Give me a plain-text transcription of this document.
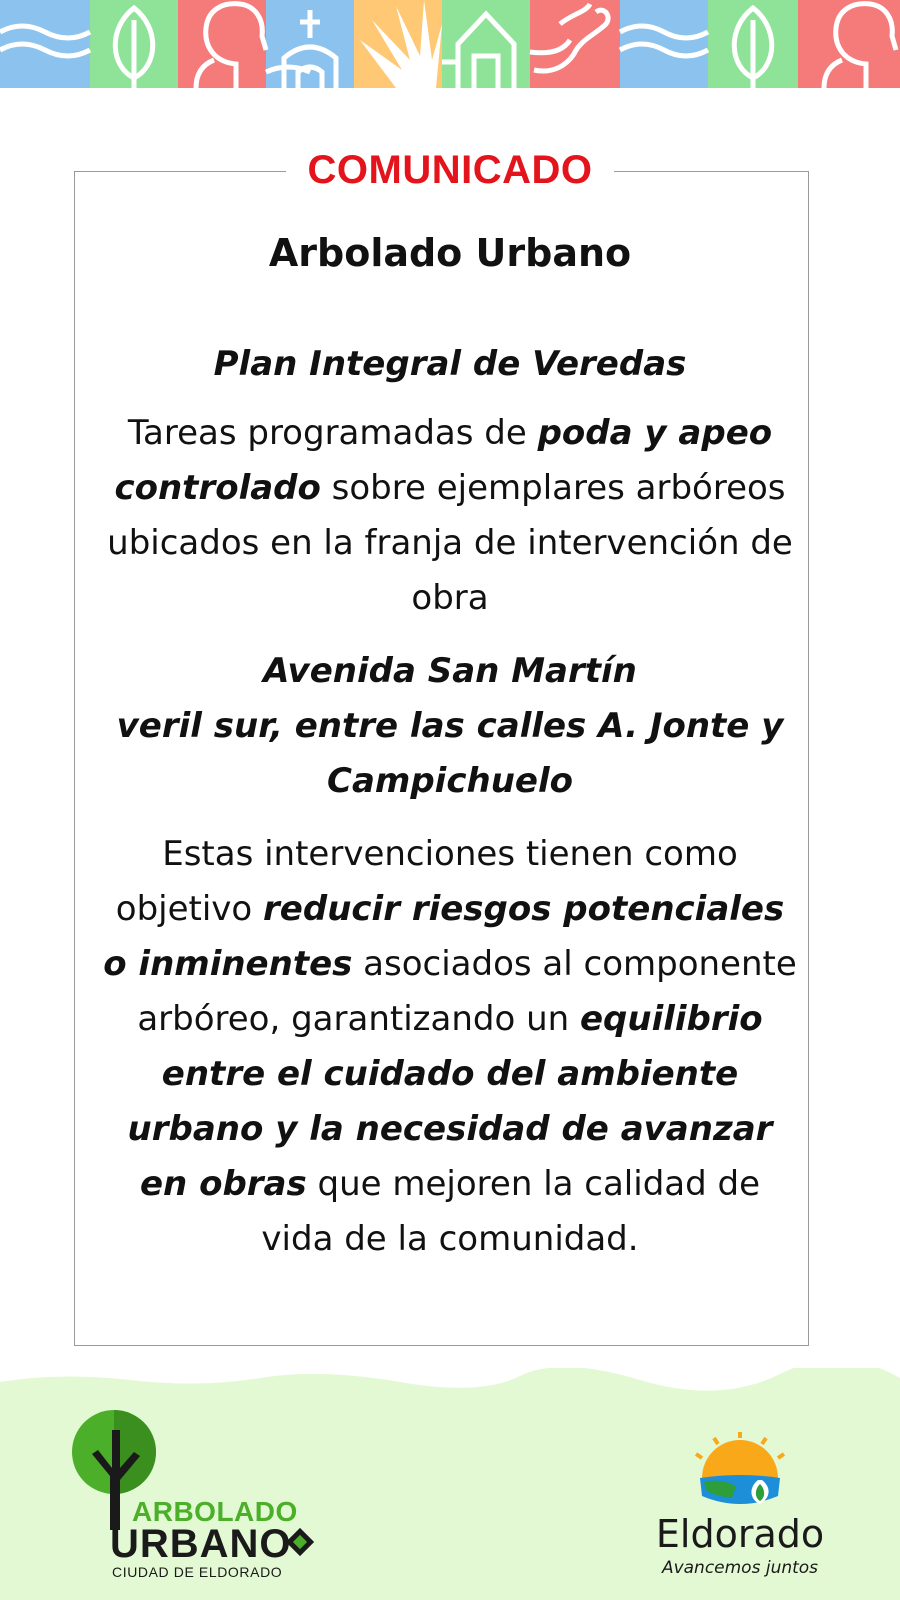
COMUNICADO

Arbolado Urbano

Plan Integral de Veredas

Tareas programadas de poda y apeo controlado sobre ejemplares arbóreos ubicados en la franja de intervención de obra

Avenida San Martín
veril sur, entre las calles A. Jonte y Campichuelo

Estas intervenciones tienen como objetivo reducir riesgos potenciales o inminentes asociados al componente arbóreo, garantizando un equilibrio entre el cuidado del ambiente urbano y la necesidad de avanzar en obras que mejoren la calidad de vida de la comunidad.

ARBOLADO
URBANO
CIUDAD DE ELDORADO
Eldorado
Avancemos juntos
